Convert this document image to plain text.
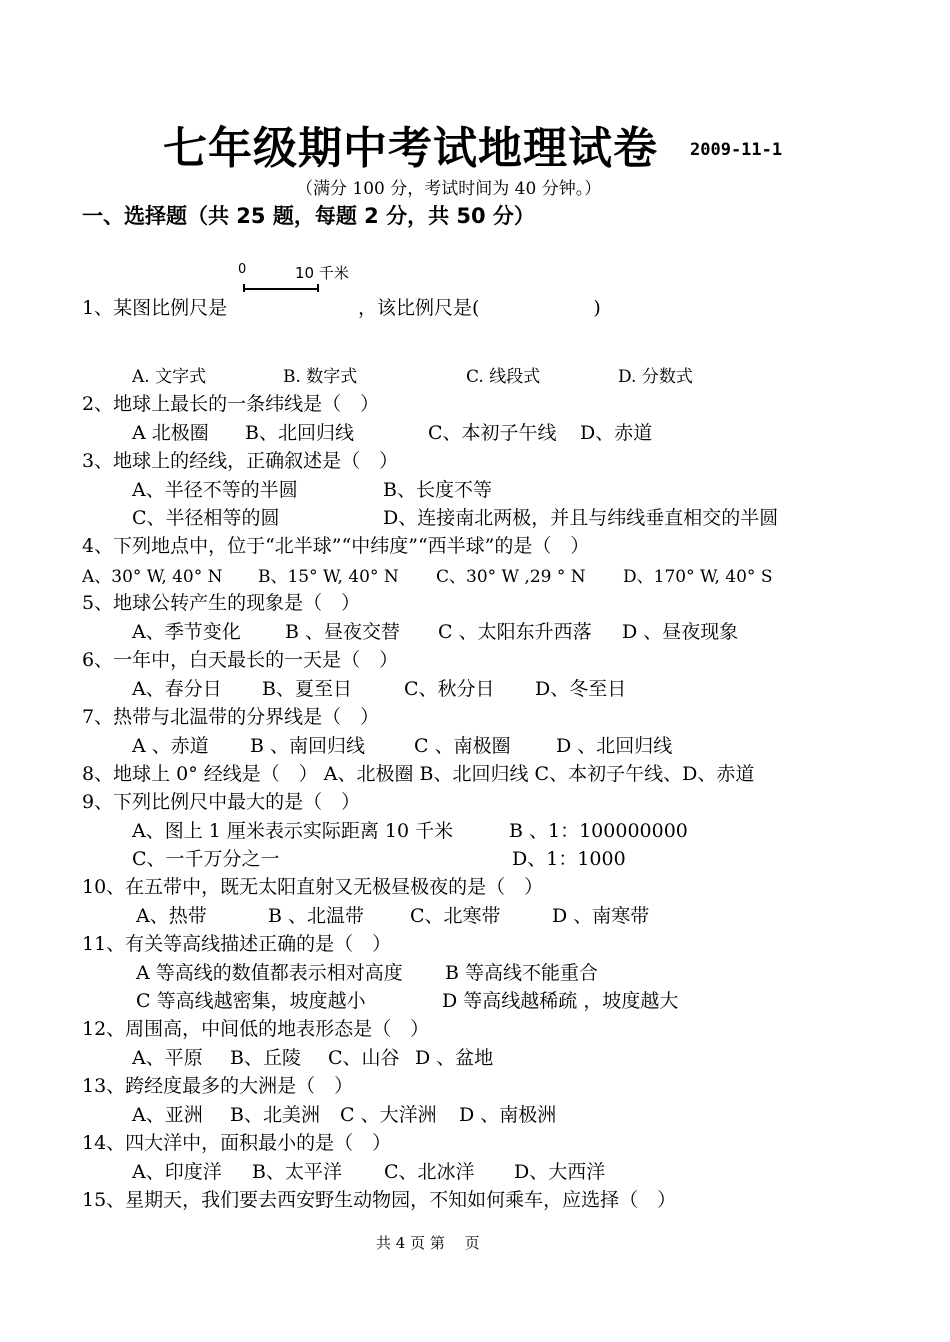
七年级期中考试地理试卷 2009-11-1
（满分 100 分，考试时间为 40 分钟。）
一、选择题（共 25 题，每题 2 分，共 50 分）
0	10 千米
1、某图比例尺是	，该比例尺是(　　　　　　)
A. 文字式	B. 数字式	C. 线段式	D. 分数式
2、地球上最长的一条纬线是（　）
A 北极圈 B、北回归线	C、本初子午线 D、赤道
3、地球上的经线，正确叙述是（　）
A、半径不等的半圆	B、长度不等
C、半径相等的圆	D、连接南北两极，并且与纬线垂直相交的半圆
4、下列地点中，位于“北半球”“中纬度”“西半球”的是（　）
A、30° W, 40° N B、15° W, 40° N C、30° W ,29 ° N D、170° W, 40° S
5、地球公转产生的现象是（　）
A、季节变化 B 、昼夜交替 C 、太阳东升西落 D 、昼夜现象
6、一年中，白天最长的一天是（　）
A、春分日 B、夏至日	C、秋分日 D、冬至日
7、热带与北温带的分界线是（　）
A 、赤道 B 、南回归线	C 、南极圈 D 、北回归线
8、地球上 0° 经线是（　） A、北极圈 B、北回归线 C、本初子午线、D、赤道
9、下列比例尺中最大的是（　）
A、图上 1 厘米表示实际距离 10 千米	B 、1：100000000
C、一千万分之一	D、1：1000
10、在五带中，既无太阳直射又无极昼极夜的是（　）
A、热带	B 、北温带 C、北寒带	D 、南寒带
11、有关等高线描述正确的是（　）
A 等高线的数值都表示相对高度 B 等高线不能重合
C 等高线越密集，坡度越小	D 等高线越稀疏 ，坡度越大
12、周围高，中间低的地表形态是（　）
A、平原 B、丘陵 C、山谷 D 、盆地
13、跨经度最多的大洲是（　）
A、亚洲 B、北美洲 C 、大洋洲 D 、南极洲
14、四大洋中，面积最小的是（　）
A、印度洋 B、太平洋 C、北冰洋 D、大西洋
15、星期天，我们要去西安野生动物园，不知如何乘车，应选择（　）
共 4 页 第　 页
